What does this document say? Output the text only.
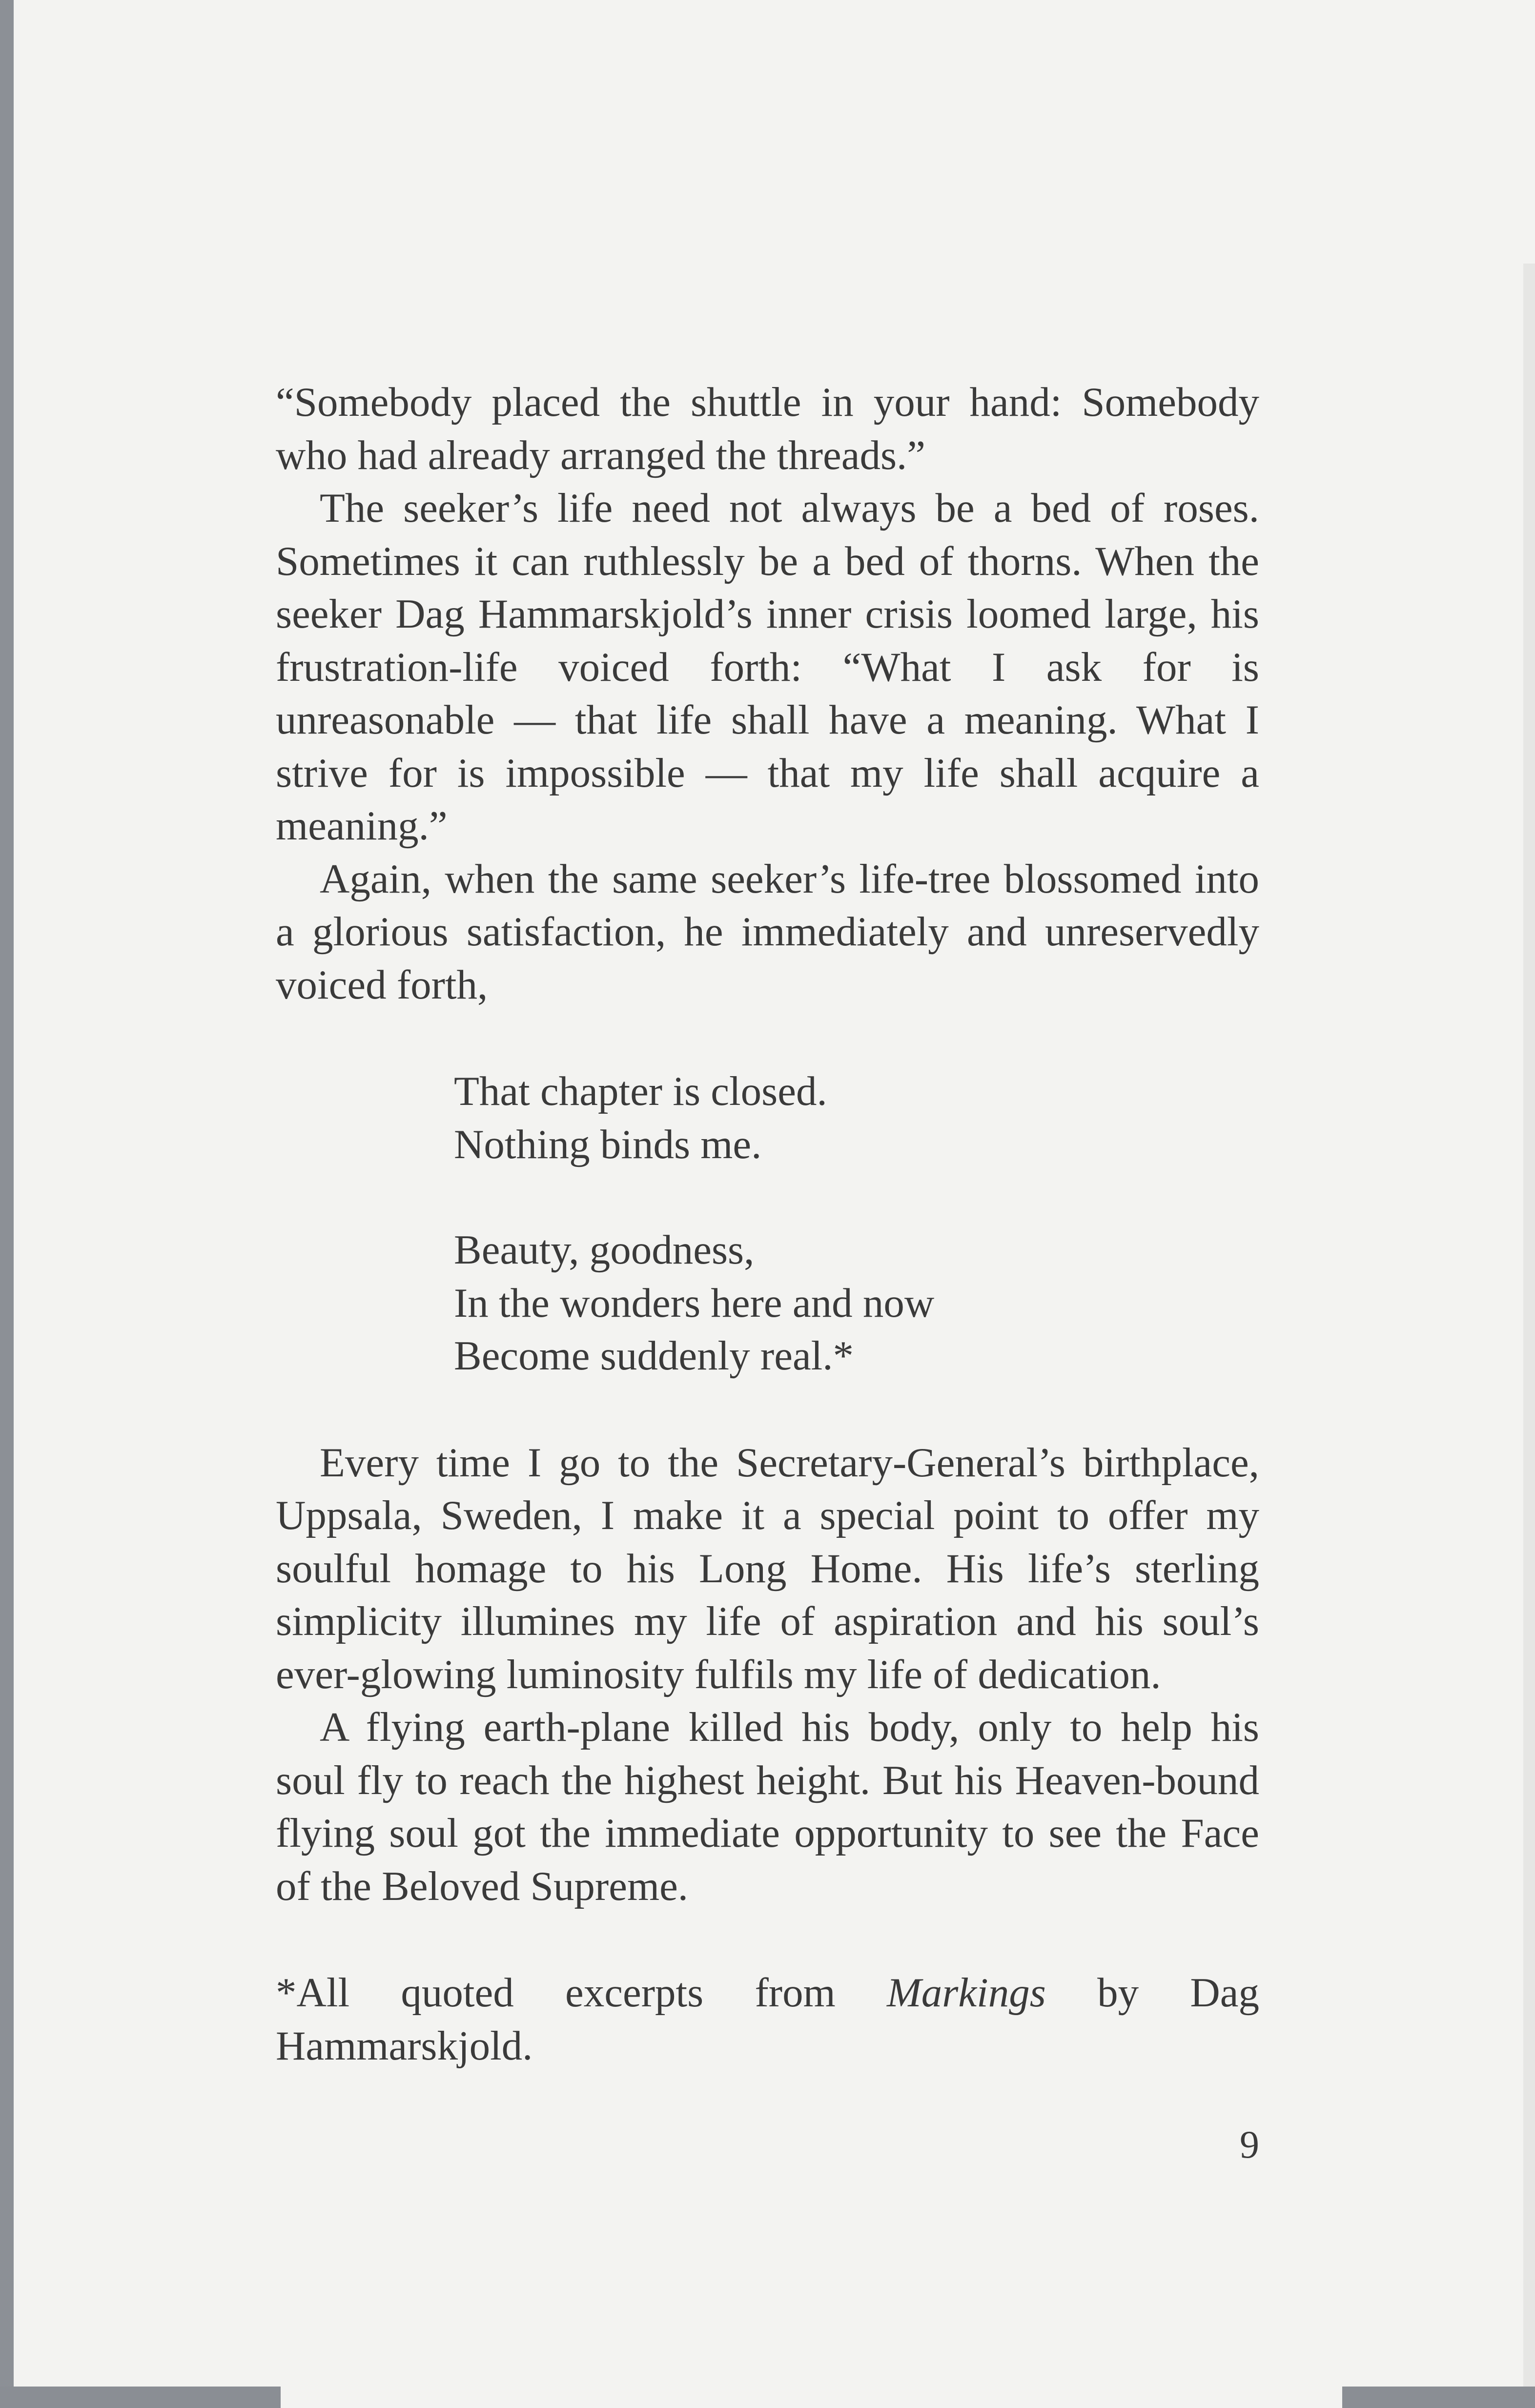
“Somebody placed the shuttle in your hand: Somebody who had already arranged the threads.”

The seeker’s life need not always be a bed of roses. Sometimes it can ruthlessly be a bed of thorns. When the seeker Dag Hammarskjold’s inner crisis loomed large, his frustration-life voiced forth: “What I ask for is unreasonable — that life shall have a meaning. What I strive for is impossible — that my life shall acquire a meaning.”

Again, when the same seeker’s life-tree blossomed into a glorious satisfaction, he immediately and unreservedly voiced forth,

That chapter is closed.
Nothing binds me.
Beauty, goodness,
In the wonders here and now
Become suddenly real.*

Every time I go to the Secretary-General’s birthplace, Uppsala, Sweden, I make it a special point to offer my soulful homage to his Long Home. His life’s sterling simplicity illumines my life of aspiration and his soul’s ever-glowing luminosity fulfils my life of dedication.

A flying earth-plane killed his body, only to help his soul fly to reach the highest height. But his Heaven-bound flying soul got the immediate opportunity to see the Face of the Beloved Supreme.

*All quoted excerpts from Markings by Dag Hammarskjold.

9
